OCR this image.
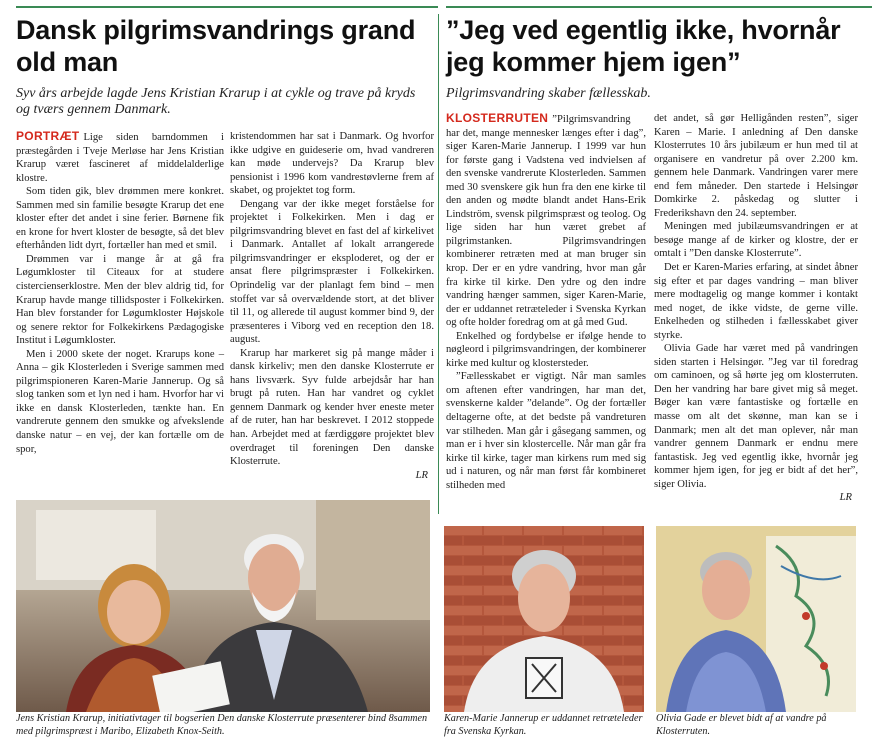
Dansk pilgrimsvandrings grand old man
”Jeg ved egentlig ikke, hvornår jeg kommer hjem igen”
Syv års arbejde lagde Jens Kristian Krarup i at cykle og trave på kryds og tværs gennem Danmark.
Pilgrimsvandring skaber fællesskab.

PORTRÆT Lige siden barndommen i præstegården i Tveje Merløse har Jens Kristian Krarup været fascineret af middelalderlige klostre.

Som tiden gik, blev drømmen mere konkret. Sammen med sin familie besøgte Krarup det ene kloster efter det andet i sine ferier. Børnene fik en krone for hvert kloster de besøgte, så det blev efterhånden lidt dyrt, fortæller han med et smil.

Drømmen var i mange år at gå fra Løgumkloster til Citeaux for at studere cistercienserklostre. Men der blev aldrig tid, for Krarup havde mange tillidsposter i Folkekirken. Han blev forstander for Løgumkloster Højskole og senere rektor for Folkekirkens Pædagogiske Institut i Løgumkloster.

Men i 2000 skete der noget. Krarups kone – Anna – gik Klosterleden i Sverige sammen med pilgrimspioneren Karen-Marie Jannerup. Og så slog tanken som et lyn ned i ham. Hvorfor har vi ikke en dansk Klosterleden, tænkte han. En vandrerute gennem den smukke og afvekslende danske natur – en vej, der kan fortælle om de spor,

kristendommen har sat i Danmark. Og hvorfor ikke udgive en guideserie om, hvad vandreren kan møde undervejs? Da Krarup blev pensionist i 1996 kom vandrestøvlerne frem af skabet, og projektet tog form.

Dengang var der ikke meget forståelse for projektet i Folkekirken. Men i dag er pilgrimsvandring blevet en fast del af kirkelivet i Danmark. Antallet af lokalt arrangerede pilgrimsvandringer er eksploderet, og der er ansat flere pilgrimspræster i Folkekirken. Oprindelig var der planlagt fem bind – men stoffet var så overvældende stort, at det bliver til 11, og allerede til august kommer bind 9, der præsenteres i Viborg ved en reception den 18. august.

Krarup har markeret sig på mange måder i dansk kirkeliv; men den danske Klosterrute er hans livsværk. Syv fulde arbejdsår har han brugt på ruten. Han har vandret og cyklet gennem Danmark og kender hver eneste meter af de ruter, han har beskrevet. I 2012 stoppede han. Arbejdet med at færdiggøre projektet blev overdraget til foreningen Den danske Klosterrute.

LR

KLOSTERRUTEN ”Pilgrimsvandring har det, mange mennesker længes efter i dag”, siger Karen-Marie Jannerup. I 1999 var hun for første gang i Vadstena ved indvielsen af den svenske vandrerute Klosterleden. Sammen med 30 svenskere gik hun fra den ene kirke til den anden og mødte blandt andet Hans-Erik Lindström, svensk pilgrimspræst og teolog. Og lige siden har hun været grebet af pilgrimstanken. Pilgrimsvandringen kombinerer retræten med at man bruger sin krop. Der er en ydre vandring, hvor man går fra kirke til kirke. Den ydre og den indre vandring hænger sammen, siger Karen-Marie, der er uddannet retræteleder i Svenska Kyrkan og ofte holder foredrag om at gå med Gud.

Enkelhed og fordybelse er ifølge hende to nøgleord i pilgrimsvandringen, der kombinerer kirke med kultur og klostersteder.

”Fællesskabet er vigtigt. Når man samles om aftenen efter vandringen, har man det, svenskerne kalder ”delande”. Og der fortæller deltagerne ofte, at det bedste på vandreturen var stilheden. Man går i gåsegang sammen, og man er i hver sin klostercelle. Når man går fra kirke til kirke, tager man kirkens rum med sig ud i naturen, og når man først får kombineret stilheden med

det andet, så gør Helligånden resten”, siger Karen – Marie. I anledning af Den danske Klosterrutes 10 års jubilæum er hun med til at organisere en vandretur på over 2.200 km. gennem hele Danmark. Vandringen varer mere end fem måneder. Den startede i Helsingør Domkirke 2. påskedag og slutter i Frederikshavn den 24. september.

Meningen med jubilæumsvandringen er at besøge mange af de kirker og klostre, der er omtalt i ”Den danske Klosterrute”.

Det er Karen-Maries erfaring, at sindet åbner sig efter et par dages vandring – man bliver mere modtagelig og mange kommer i kontakt med noget, de ikke vidste, de gerne ville. Enkelheden og stilheden i fællesskabet giver styrke.

Olivia Gade har været med på vandringen siden starten i Helsingør. ”Jeg var til foredrag om caminoen, og så hørte jeg om klosterruten. Den her vandring har bare givet mig så meget. Bøger kan være fantastiske og fortælle en masse om alt det skønne, man kan se i Danmark; men alt det man oplever, når man vandrer gennem Danmark er endnu mere fantastisk. Jeg ved egentlig ikke, hvornår jeg kommer hjem igen, for jeg er bidt af det her”, siger Olivia.

LR
Jens Kristian Krarup, initiativtager til bogserien Den danske Klosterrute præsenterer bind 8sammen med pilgrimspræst i Maribo, Elizabeth Knox-Seith.
Karen-Marie Jannerup er uddannet retræteleder fra Svenska Kyrkan.
Olivia Gade er blevet bidt af at vandre på Klosterruten.
